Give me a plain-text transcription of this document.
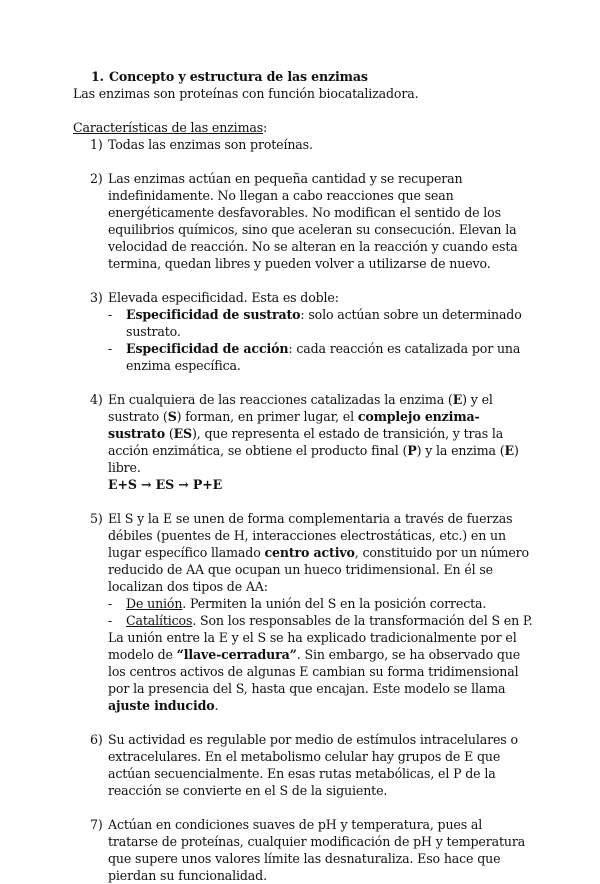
1. Concepto y estructura de las enzimas

Las enzimas son proteínas con función biocatalizadora.

Características de las enzimas:

1) Todas las enzimas son proteínas.
2) Las enzimas actúan en pequeña cantidad y se recuperan indefinidamente. No llegan a cabo reacciones que sean energéticamente desfavorables. No modifican el sentido de los equilibrios químicos, sino que aceleran su consecución. Elevan la velocidad de reacción. No se alteran en la reacción y cuando esta termina, quedan libres y pueden volver a utilizarse de nuevo.
3) Elevada especificidad. Esta es doble:
- Especificidad de sustrato: solo actúan sobre un determinado sustrato.
- Especificidad de acción: cada reacción es catalizada por una enzima específica.
4) En cualquiera de las reacciones catalizadas la enzima (E) y el sustrato (S) forman, en primer lugar, el complejo enzima-sustrato (ES), que representa el estado de transición, y tras la acción enzimática, se obtiene el producto final (P) y la enzima (E) libre.
E+S → ES → P+E
5) El S y la E se unen de forma complementaria a través de fuerzas débiles (puentes de H, interacciones electrostáticas, etc.) en un lugar específico llamado centro activo, constituido por un número reducido de AA que ocupan un hueco tridimensional. En él se localizan dos tipos de AA:
- De unión. Permiten la unión del S en la posición correcta.
- Catalíticos. Son los responsables de la transformación del S en P.
La unión entre la E y el S se ha explicado tradicionalmente por el modelo de “llave-cerradura”. Sin embargo, se ha observado que los centros activos de algunas E cambian su forma tridimensional por la presencia del S, hasta que encajan. Este modelo se llama ajuste inducido.
6) Su actividad es regulable por medio de estímulos intracelulares o extracelulares. En el metabolismo celular hay grupos de E que actúan secuencialmente. En esas rutas metabólicas, el P de la reacción se convierte en el S de la siguiente.
7) Actúan en condiciones suaves de pH y temperatura, pues al tratarse de proteínas, cualquier modificación de pH y temperatura que supere unos valores límite las desnaturaliza. Eso hace que pierdan su funcionalidad.
